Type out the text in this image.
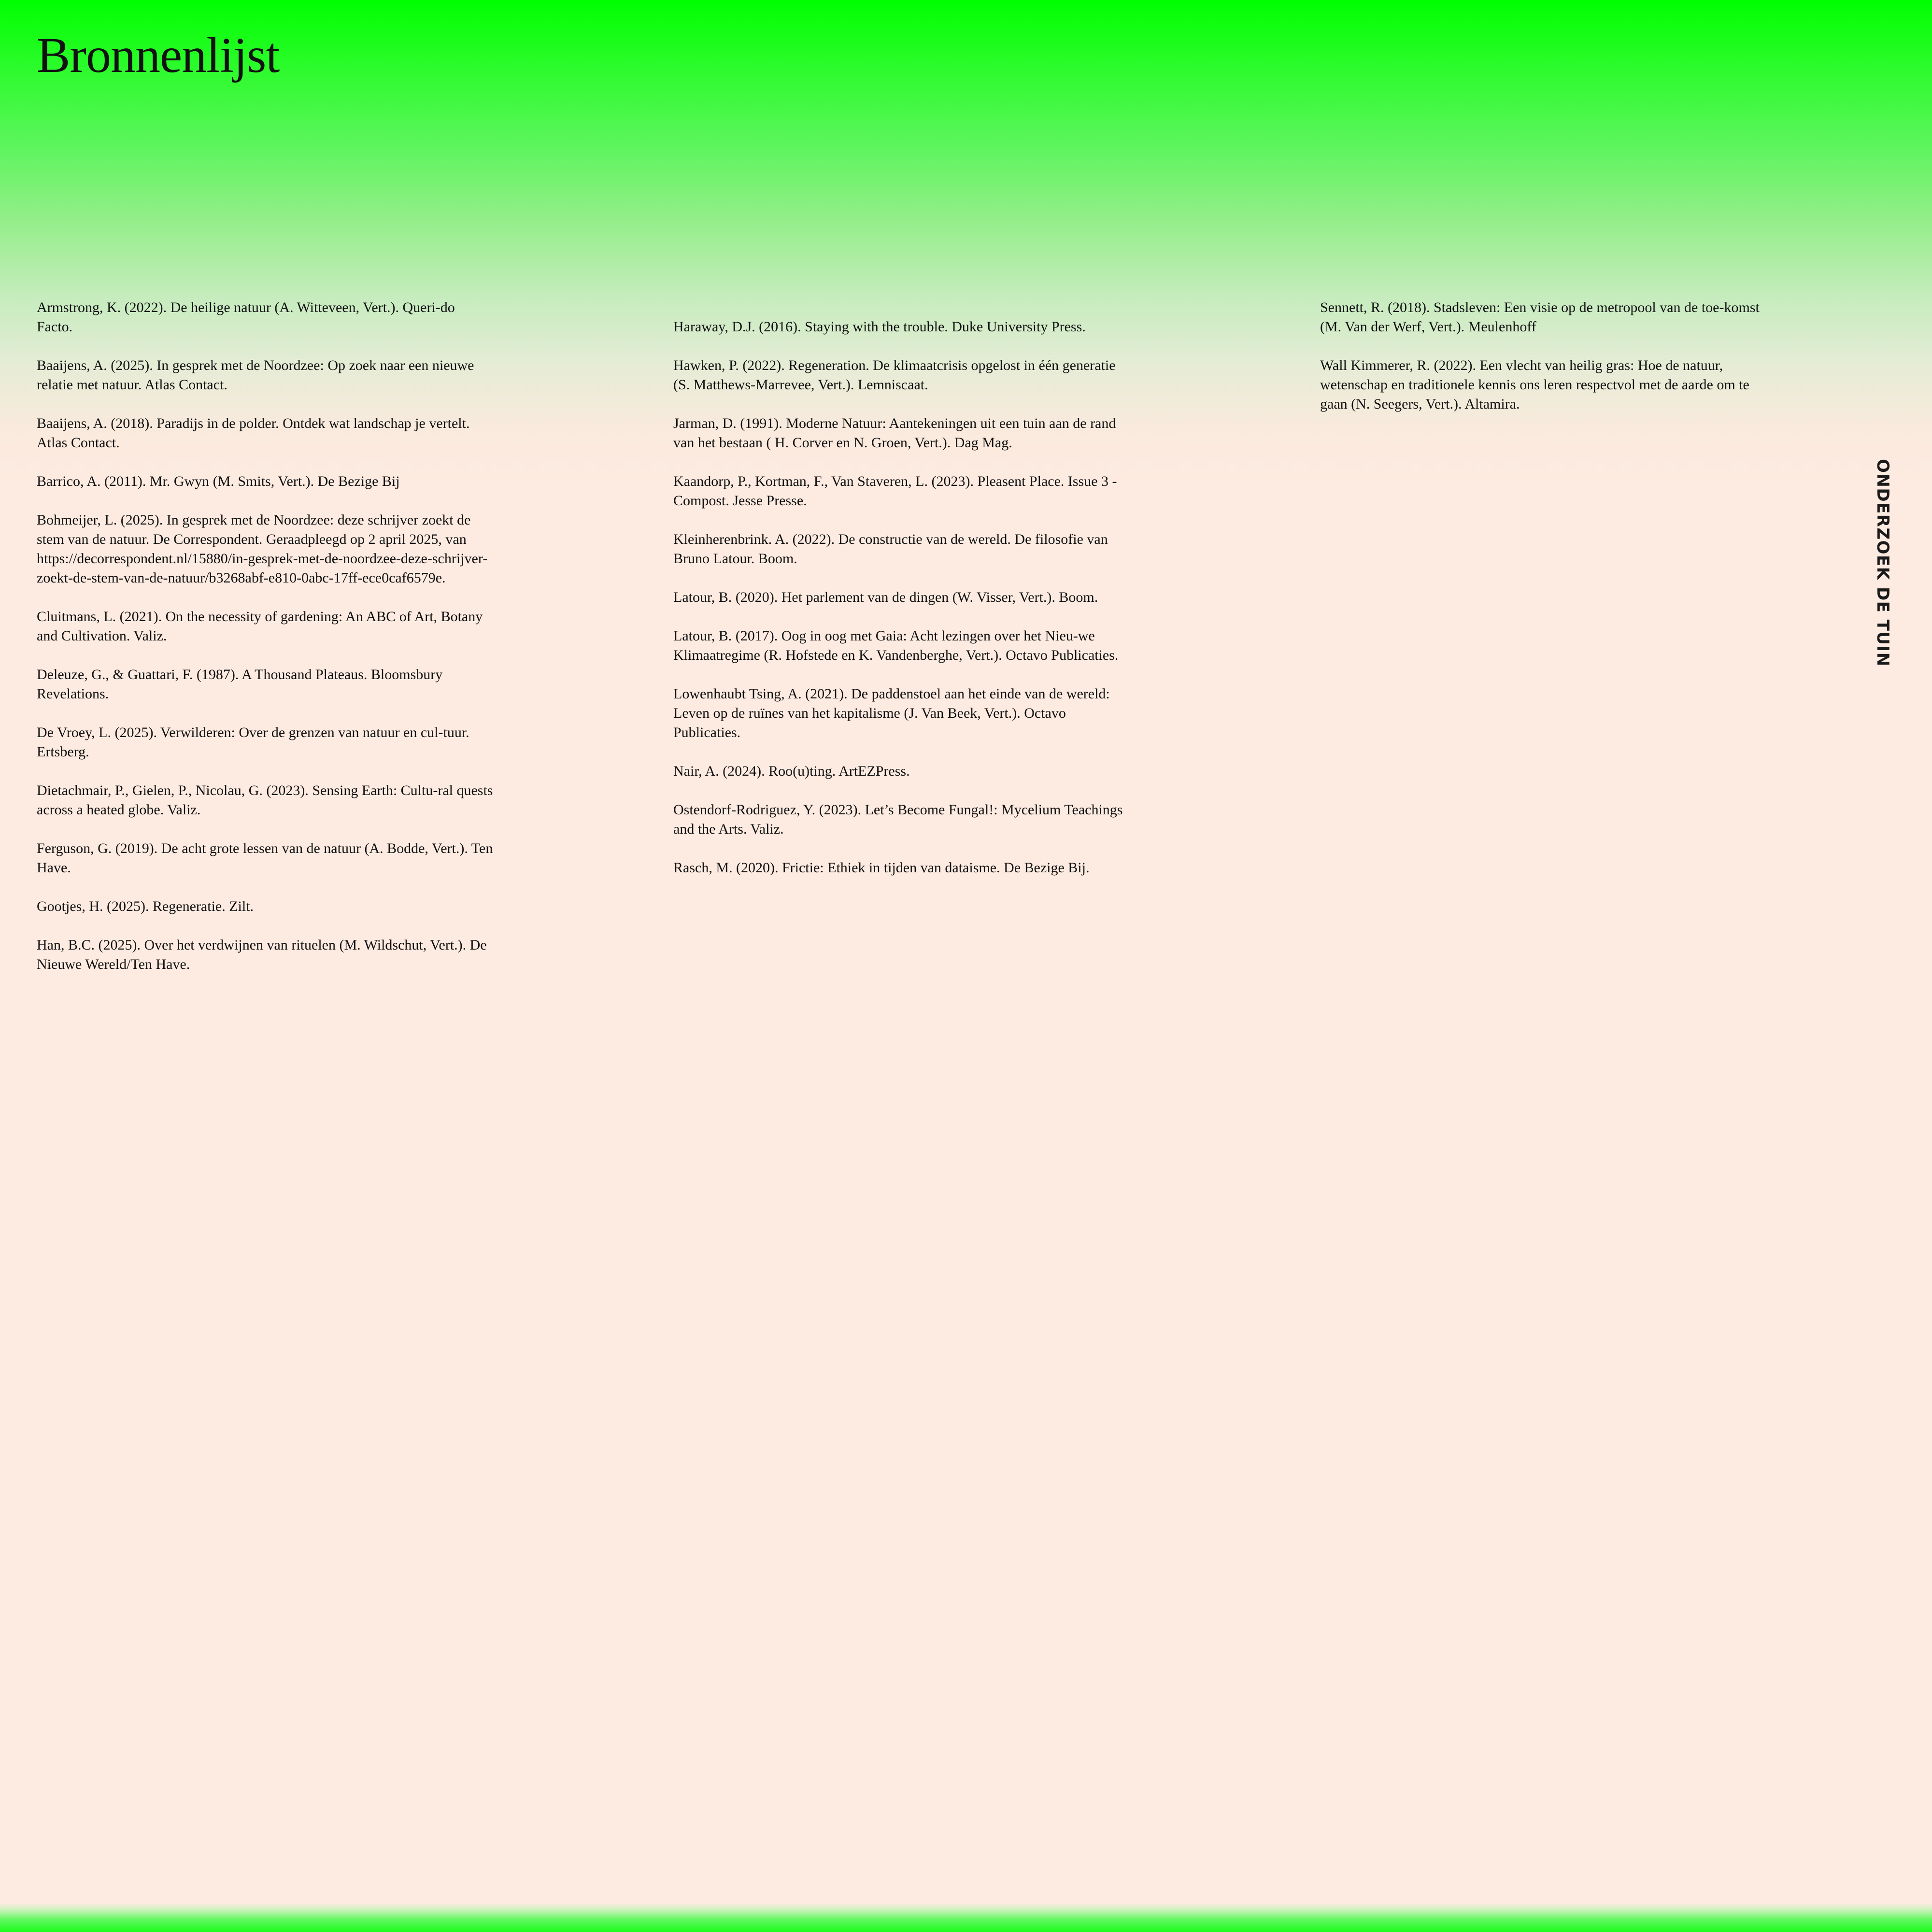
Bronnenlijst

Armstrong, K. (2022). De heilige natuur (A. Witteveen, Vert.). Queri-do Facto.

Baaijens, A. (2025). In gesprek met de Noordzee: Op zoek naar een nieuwe relatie met natuur. Atlas Contact.

Baaijens, A. (2018). Paradijs in de polder. Ontdek wat landschap je vertelt. Atlas Contact.

Barrico, A. (2011). Mr. Gwyn (M. Smits, Vert.). De Bezige Bij

Bohmeijer, L. (2025). In gesprek met de Noordzee: deze schrijver zoekt de stem van de natuur. De Correspondent. Geraadpleegd op 2 april 2025, van https://decorrespondent.nl/15880/in-gesprek-met-de-noordzee-deze-schrijver-zoekt-de-stem-van-de-natuur/b3268abf-e810-0abc-17ff-ece0caf6579e.

Cluitmans, L. (2021). On the necessity of gardening: An ABC of Art, Botany and Cultivation. Valiz.

Deleuze, G., & Guattari, F. (1987). A Thousand Plateaus. Bloomsbury Revelations.

De Vroey, L. (2025). Verwilderen: Over de grenzen van natuur en cul-tuur. Ertsberg.

Dietachmair, P., Gielen, P., Nicolau, G. (2023). Sensing Earth: Cultu-ral quests across a heated globe. Valiz.

Ferguson, G. (2019). De acht grote lessen van de natuur (A. Bodde, Vert.). Ten Have.

Gootjes, H. (2025). Regeneratie. Zilt.

Han, B.C. (2025). Over het verdwijnen van rituelen (M. Wildschut, Vert.). De Nieuwe Wereld/Ten Have.

Haraway, D.J. (2016). Staying with the trouble. Duke University Press.

Hawken, P. (2022). Regeneration. De klimaatcrisis opgelost in één generatie (S. Matthews-Marrevee, Vert.). Lemniscaat.

Jarman, D. (1991). Moderne Natuur: Aantekeningen uit een tuin aan de rand van het bestaan ( H. Corver en N. Groen, Vert.). Dag Mag.

Kaandorp, P., Kortman, F., Van Staveren, L. (2023). Pleasent Place. Issue 3 - Compost. Jesse Presse.

Kleinherenbrink. A. (2022). De constructie van de wereld. De filosofie van Bruno Latour. Boom.

Latour, B. (2020). Het parlement van de dingen (W. Visser, Vert.). Boom.

Latour, B. (2017). Oog in oog met Gaia: Acht lezingen over het Nieu-we Klimaatregime (R. Hofstede en K. Vandenberghe, Vert.). Octavo Publicaties.

Lowenhaubt Tsing, A. (2021). De paddenstoel aan het einde van de wereld: Leven op de ruïnes van het kapitalisme (J. Van Beek, Vert.). Octavo Publicaties.

Nair, A. (2024). Roo(u)ting. ArtEZPress.

Ostendorf-Rodriguez, Y. (2023). Let’s Become Fungal!: Mycelium Teachings and the Arts. Valiz.

Rasch, M. (2020). Frictie: Ethiek in tijden van dataisme. De Bezige Bij.

Sennett, R. (2018). Stadsleven: Een visie op de metropool van de toe-komst (M. Van der Werf, Vert.). Meulenhoff

Wall Kimmerer, R. (2022). Een vlecht van heilig gras: Hoe de natuur, wetenschap en traditionele kennis ons leren respectvol met de aarde om te gaan (N. Seegers, Vert.). Altamira.

ONDERZOEK DE TUIN
